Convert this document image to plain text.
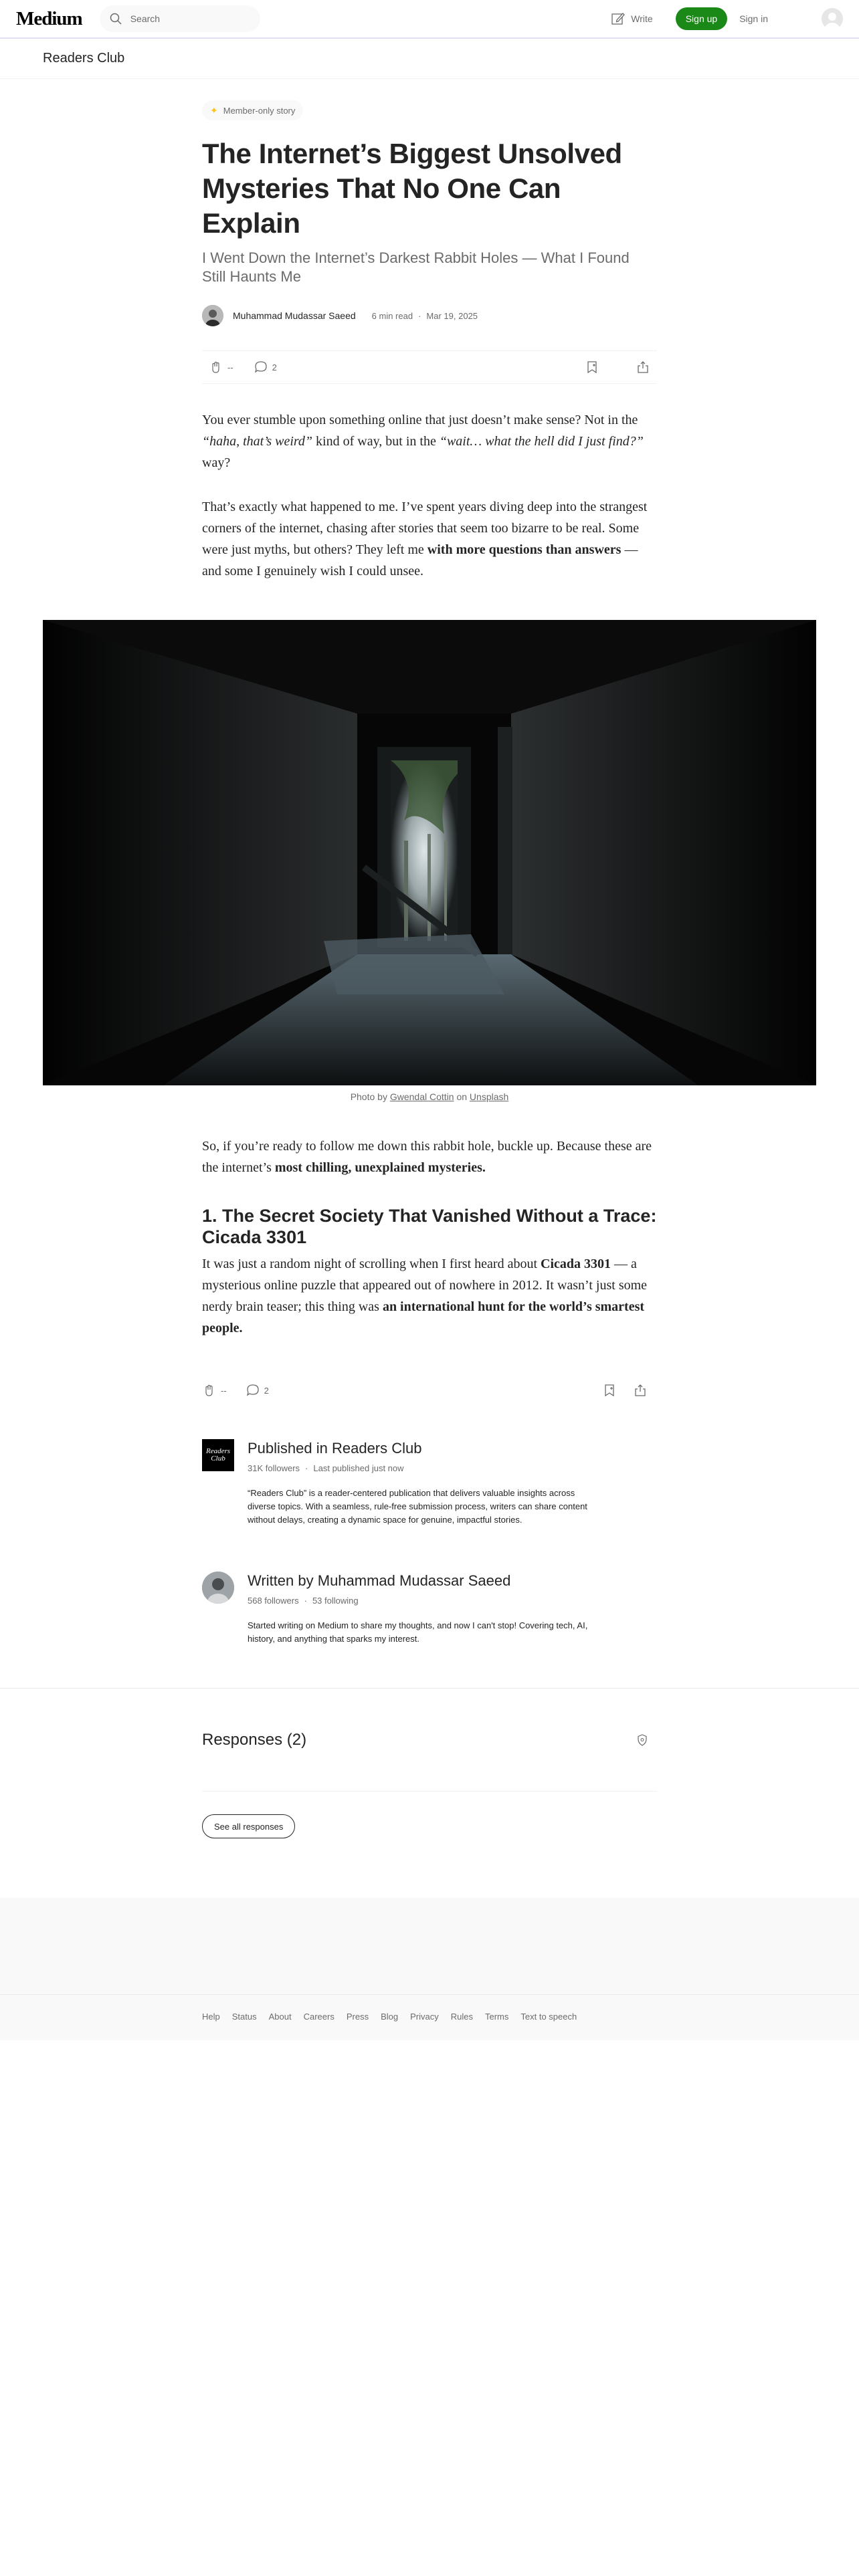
Medium	Search	Write	Sign up	Sign in
Readers Club
✦ Member-only story
The Internet’s Biggest Unsolved Mysteries That No One Can Explain
I Went Down the Internet’s Darkest Rabbit Holes — What I Found Still Haunts Me
Muhammad Mudassar Saeed 6 min read · Mar 19, 2025
--	2

You ever stumble upon something online that just doesn’t make sense? Not in the “haha, that’s weird” kind of way, but in the “wait… what the hell did I just find?” way?

That’s exactly what happened to me. I’ve spent years diving deep into the strangest corners of the internet, chasing after stories that seem too bizarre to be real. Some were just myths, but others? They left me with more questions than answers — and some I genuinely wish I could unsee.

Photo by Gwendal Cottin on Unsplash

So, if you’re ready to follow me down this rabbit hole, buckle up. Because these are the internet’s most chilling, unexplained mysteries.

1. The Secret Society That Vanished Without a Trace: Cicada 3301

It was just a random night of scrolling when I first heard about Cicada 3301 — a mysterious online puzzle that appeared out of nowhere in 2012. It wasn’t just some nerdy brain teaser; this thing was an international hunt for the world’s smartest people.

--	2
Readers Club
Published in Readers Club
31K followers · Last published just now
“Readers Club” is a reader-centered publication that delivers valuable insights across diverse topics. With a seamless, rule-free submission process, writers can share content without delays, creating a dynamic space for genuine, impactful stories.
Written by Muhammad Mudassar Saeed
568 followers · 53 following
Started writing on Medium to share my thoughts, and now I can't stop! Covering tech, AI, history, and anything that sparks my interest.
Responses (2)
See all responses
Help Status About Careers Press Blog Privacy Rules Terms Text to speech
